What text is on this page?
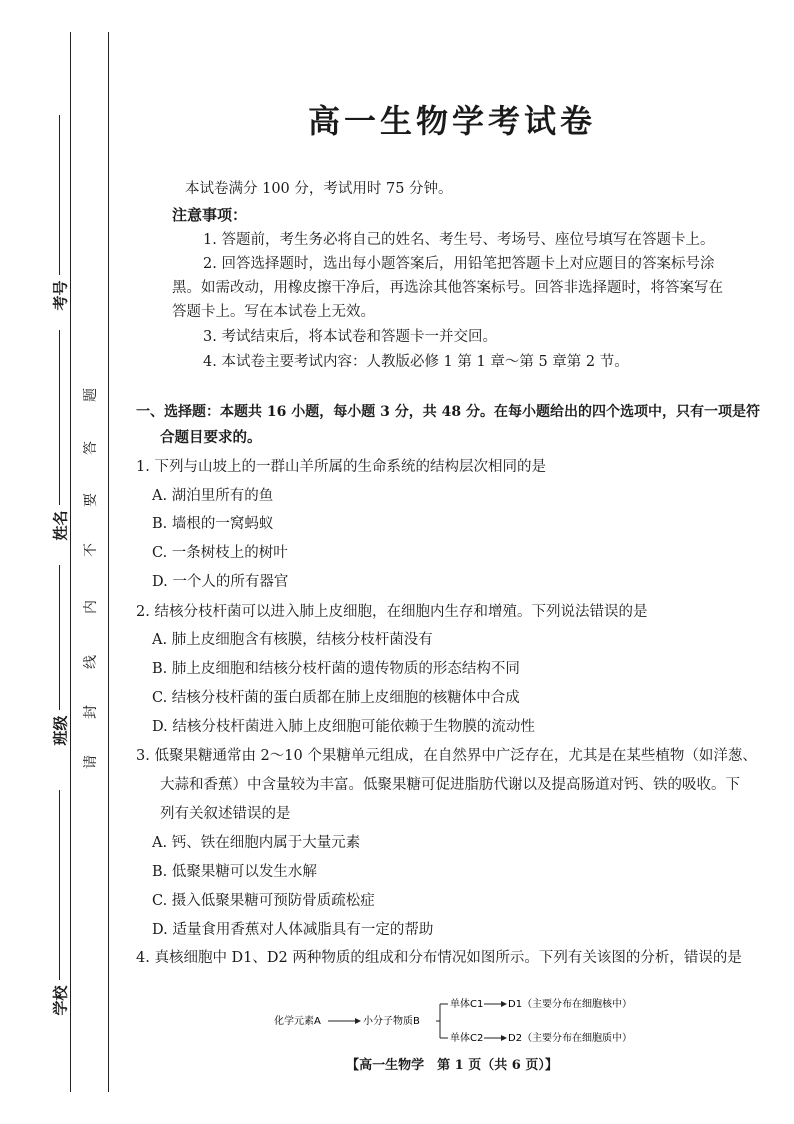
考号
姓名
班级
学校
请
封
线
内
不
要
答
题
高一生物学考试卷
本试卷满分 100 分，考试用时 75 分钟。
注意事项：
1. 答题前，考生务必将自己的姓名、考生号、考场号、座位号填写在答题卡上。
2. 回答选择题时，选出每小题答案后，用铅笔把答题卡上对应题目的答案标号涂
黑。如需改动，用橡皮擦干净后，再选涂其他答案标号。回答非选择题时，将答案写在
答题卡上。写在本试卷上无效。
3. 考试结束后，将本试卷和答题卡一并交回。
4. 本试卷主要考试内容：人教版必修 1 第 1 章～第 5 章第 2 节。
一、选择题：本题共 16 小题，每小题 3 分，共 48 分。在每小题给出的四个选项中，只有一项是符
合题目要求的。
1. 下列与山坡上的一群山羊所属的生命系统的结构层次相同的是
A. 湖泊里所有的鱼
B. 墙根的一窝蚂蚁
C. 一条树枝上的树叶
D. 一个人的所有器官
2. 结核分枝杆菌可以进入肺上皮细胞，在细胞内生存和增殖。下列说法错误的是
A. 肺上皮细胞含有核膜，结核分枝杆菌没有
B. 肺上皮细胞和结核分枝杆菌的遗传物质的形态结构不同
C. 结核分枝杆菌的蛋白质都在肺上皮细胞的核糖体中合成
D. 结核分枝杆菌进入肺上皮细胞可能依赖于生物膜的流动性
3. 低聚果糖通常由 2～10 个果糖单元组成，在自然界中广泛存在，尤其是在某些植物（如洋葱、
大蒜和香蕉）中含量较为丰富。低聚果糖可促进脂肪代谢以及提高肠道对钙、铁的吸收。下
列有关叙述错误的是
A. 钙、铁在细胞内属于大量元素
B. 低聚果糖可以发生水解
C. 摄入低聚果糖可预防骨质疏松症
D. 适量食用香蕉对人体减脂具有一定的帮助
4. 真核细胞中 D1、D2 两种物质的组成和分布情况如图所示。下列有关该图的分析，错误的是
化学元素A	小分子物质B
单体C1 D1（主要分布在细胞核中）
单体C2 D2（主要分布在细胞质中）
【高一生物学　第 1 页（共 6 页）】
